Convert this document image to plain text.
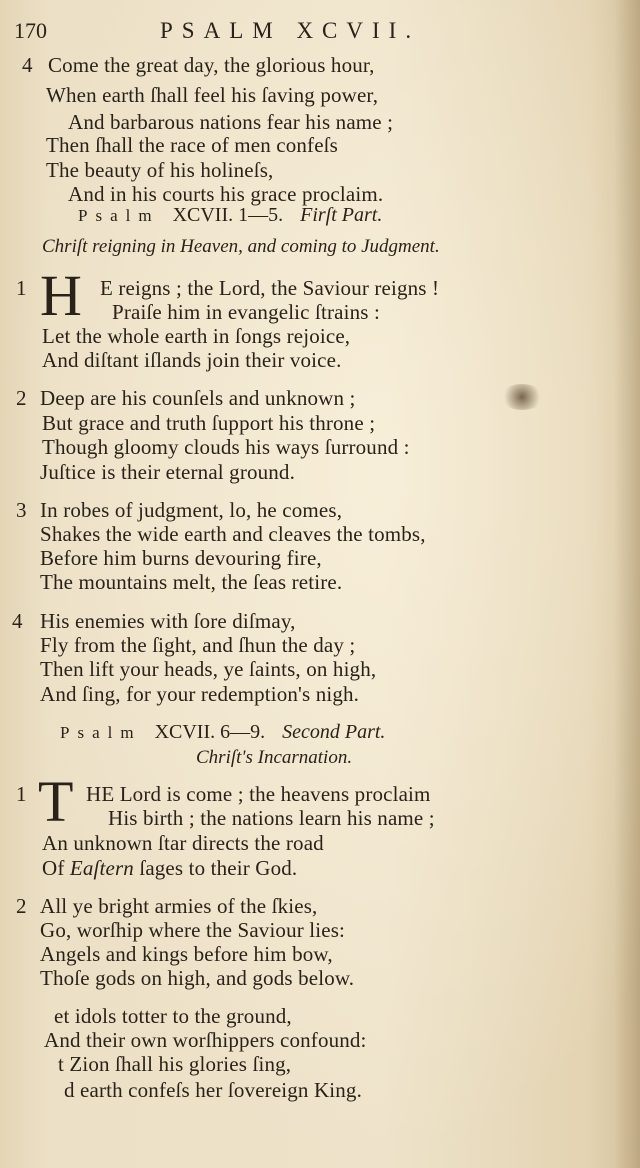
170	PSALM XCVII.
4 Come the great day, the glorious hour,
When earth ſhall feel his ſaving power,
And barbarous nations fear his name ;
Then ſhall the race of men confeſs
The beauty of his holineſs,
And in his courts his grace proclaim.
Psalm XCVII. 1—5. Firſt Part.
Chriſt reigning in Heaven, and coming to Judgment.
1 H E reigns ; the Lord, the Saviour reigns !
Praiſe him in evangelic ſtrains :
Let the whole earth in ſongs rejoice,
And diſtant iſlands join their voice.
2 Deep are his counſels and unknown ;
But grace and truth ſupport his throne ;
Though gloomy clouds his ways ſurround :
Juſtice is their eternal ground.
3 In robes of judgment, lo, he comes,
Shakes the wide earth and cleaves the tombs,
Before him burns devouring fire,
The mountains melt, the ſeas retire.
4 His enemies with ſore diſmay,
Fly from the ſight, and ſhun the day ;
Then lift your heads, ye ſaints, on high,
And ſing, for your redemption's nigh.
Psalm XCVII. 6—9. Second Part.
Chriſt's Incarnation.
1 T HE Lord is come ; the heavens proclaim
His birth ; the nations learn his name ;
An unknown ſtar directs the road
Of Eaſtern ſages to their God.
2 All ye bright armies of the ſkies,
Go, worſhip where the Saviour lies:
Angels and kings before him bow,
Thoſe gods on high, and gods below.
et idols totter to the ground,
And their own worſhippers confound:
t Zion ſhall his glories ſing,
d earth confeſs her ſovereign King.
